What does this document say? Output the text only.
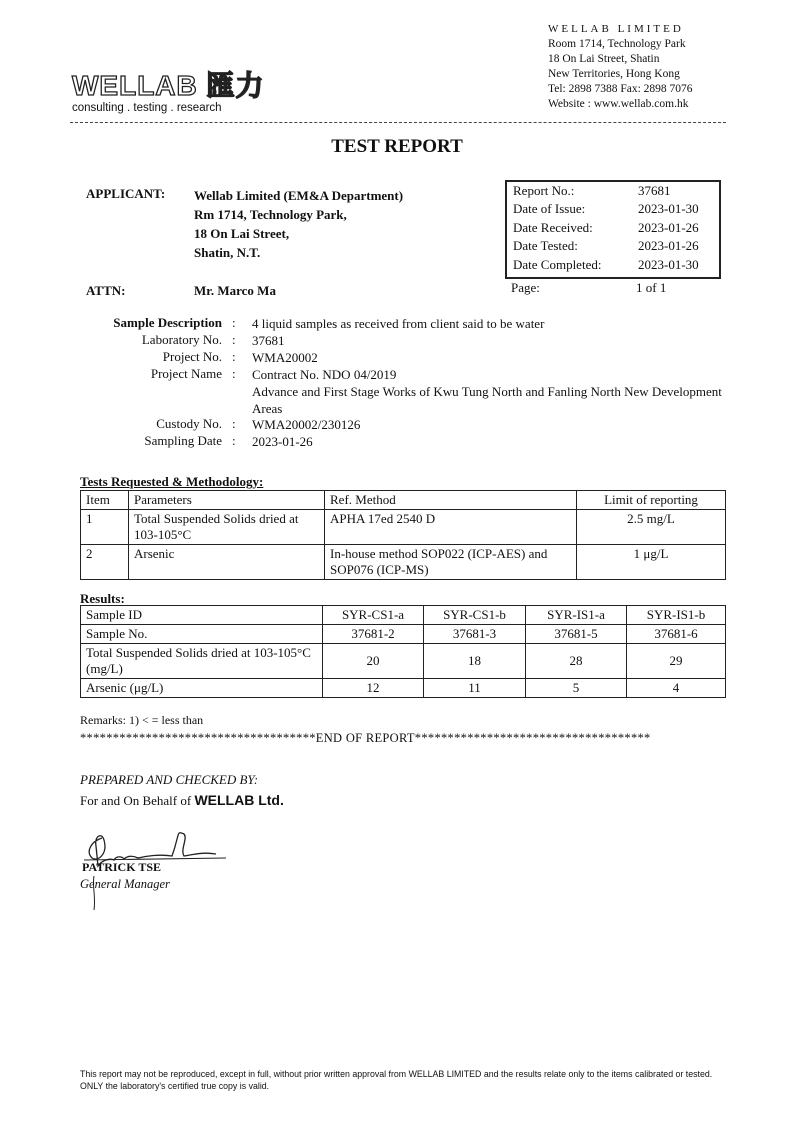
WELLAB 匯力
consulting . testing . research
WELLAB LIMITED
Room 1714, Technology Park
18 On Lai Street, Shatin
New Territories, Hong Kong
Tel: 2898 7388 Fax: 2898 7076
Website : www.wellab.com.hk
TEST REPORT
APPLICANT: Wellab Limited (EM&A Department)
Rm 1714, Technology Park,
18 On Lai Street,
Shatin, N.T.
ATTN:	Mr. Marco Ma
Report No.:	37681
Date of Issue:	2023-01-30
Date Received:	2023-01-26
Date Tested:	2023-01-26
Date Completed:	2023-01-30
Page:	1 of 1
Sample Description : 4 liquid samples as received from client said to be water
Laboratory No. : 37681
Project No. : WMA20002
Project Name : Contract No. NDO 04/2019
Advance and First Stage Works of Kwu Tung North and Fanling North New Development Areas
Custody No. : WMA20002/230126
Sampling Date : 2023-01-26
Tests Requested & Methodology:
Item	Parameters	Ref. Method	Limit of reporting
1	Total Suspended Solids dried at 103-105°C	APHA 17ed 2540 D	2.5 mg/L
2	Arsenic	In-house method SOP022 (ICP-AES) and SOP076 (ICP-MS)	1 μg/L
Results:
Sample ID	SYR-CS1-a	SYR-CS1-b	SYR-IS1-a	SYR-IS1-b
Sample No.	37681-2	37681-3	37681-5	37681-6
Total Suspended Solids dried at 103-105°C (mg/L)	20	18	28	29
Arsenic (μg/L)	12	11	5	4
Remarks: 1) < = less than
************************************END OF REPORT************************************
PREPARED AND CHECKED BY:
For and On Behalf of WELLAB Ltd.
PATRICK TSE
General Manager
This report may not be reproduced, except in full, without prior written approval from WELLAB LIMITED and the results relate only to the items calibrated or tested. ONLY the laboratory's certified true copy is valid.
